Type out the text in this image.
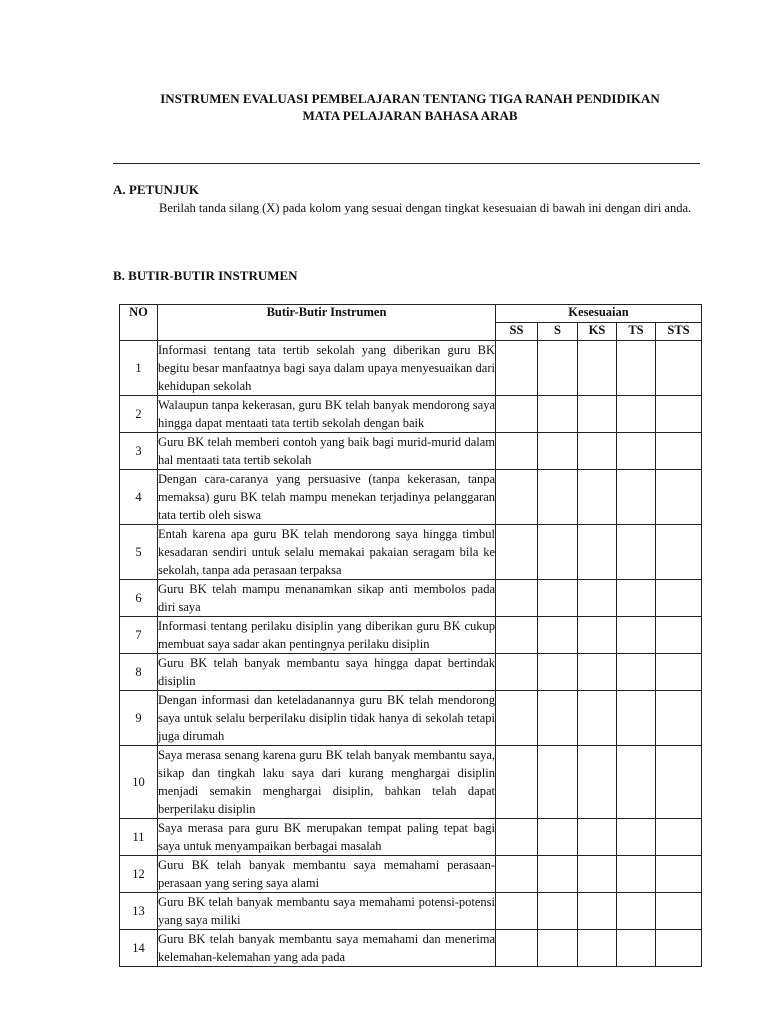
INSTRUMEN EVALUASI PEMBELAJARAN TENTANG TIGA RANAH PENDIDIKAN
MATA PELAJARAN BAHASA ARAB
A. PETUNJUK
Berilah tanda silang (X) pada kolom yang sesuai dengan tingkat kesesuaian di bawah ini dengan diri anda.
B. BUTIR-BUTIR INSTRUMEN
NO	Butir-Butir Instrumen	Kesesuaian				
		SS	S	KS	TS	STS
1	Informasi tentang tata tertib sekolah yang diberikan guru BK begitu besar manfaatnya bagi saya dalam upaya menyesuaikan dari kehidupan sekolah					
2	Walaupun tanpa kekerasan, guru BK telah banyak mendorong saya hingga dapat mentaati tata tertib sekolah dengan baik					
3	Guru BK telah memberi contoh yang baik bagi murid-murid dalam hal mentaati tata tertib sekolah					
4	Dengan cara-caranya yang persuasive (tanpa kekerasan, tanpa memaksa) guru BK telah mampu menekan terjadinya pelanggaran tata tertib oleh siswa					
5	Entah karena apa guru BK telah mendorong saya hingga timbul kesadaran sendiri untuk selalu memakai pakaian seragam bila ke sekolah, tanpa ada perasaan terpaksa					
6	Guru BK telah mampu menanamkan sikap anti membolos pada diri saya					
7	Informasi tentang perilaku disiplin yang diberikan guru BK cukup membuat saya sadar akan pentingnya perilaku disiplin					
8	Guru BK telah banyak membantu saya hingga dapat bertindak disiplin					
9	Dengan informasi dan keteladanannya guru BK telah mendorong saya untuk selalu berperilaku disiplin tidak hanya di sekolah tetapi juga dirumah					
10	Saya merasa senang karena guru BK telah banyak membantu saya, sikap dan tingkah laku saya dari kurang menghargai disiplin menjadi semakin menghargai disiplin, bahkan telah dapat berperilaku disiplin					
11	Saya merasa para guru BK merupakan tempat paling tepat bagi saya untuk menyampaikan berbagai masalah					
12	Guru BK telah banyak membantu saya memahami perasaan-perasaan yang sering saya alami					
13	Guru BK telah banyak membantu saya memahami potensi-potensi yang saya miliki					
14	Guru BK telah banyak membantu saya memahami dan menerima kelemahan-kelemahan yang ada pada					
